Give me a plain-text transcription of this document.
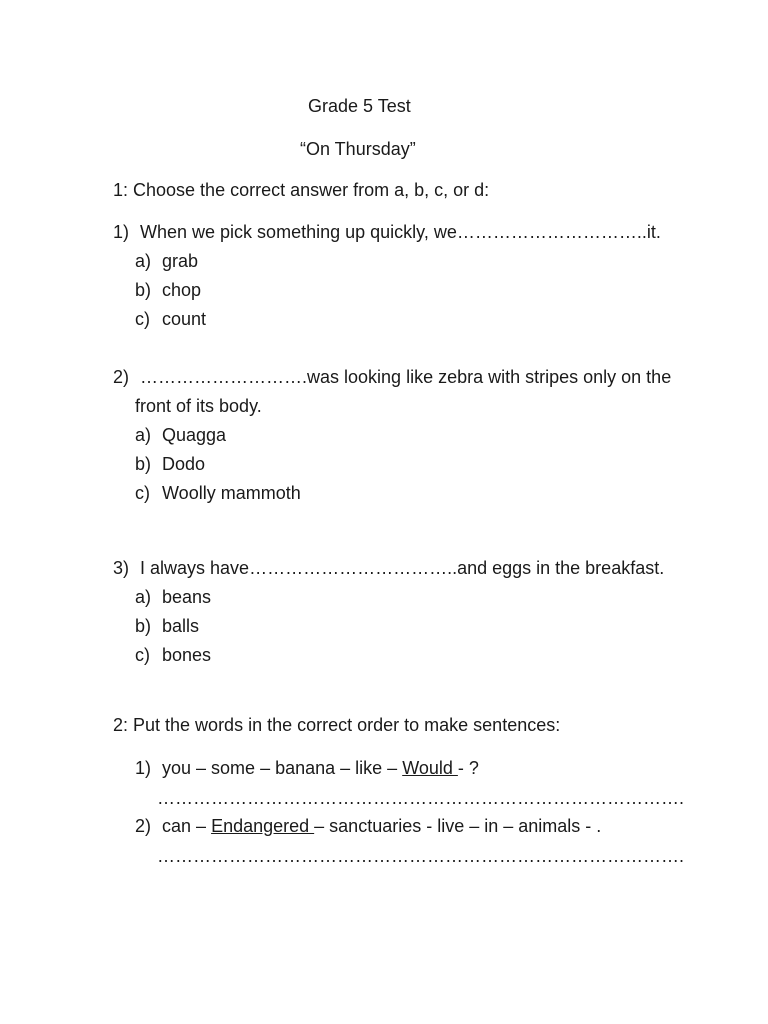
Grade 5 Test
“On Thursday”
1: Choose the correct answer from a, b, c, or d:
1) When we pick something up quickly, we…………………………..it.
a) grab
b) chop
c) count
2) ……………………….was looking like zebra with stripes only on the
front of its body.
a) Quagga
b) Dodo
c) Woolly mammoth
3) I always have……………………………..and eggs in the breakfast.
a) beans
b) balls
c) bones
2: Put the words in the correct order to make sentences:
1) you – some – banana – like – Would - ?
…………………………………………………………………………….
2) can – Endangered – sanctuaries - live – in – animals - .
…………………………………………………………………………….
